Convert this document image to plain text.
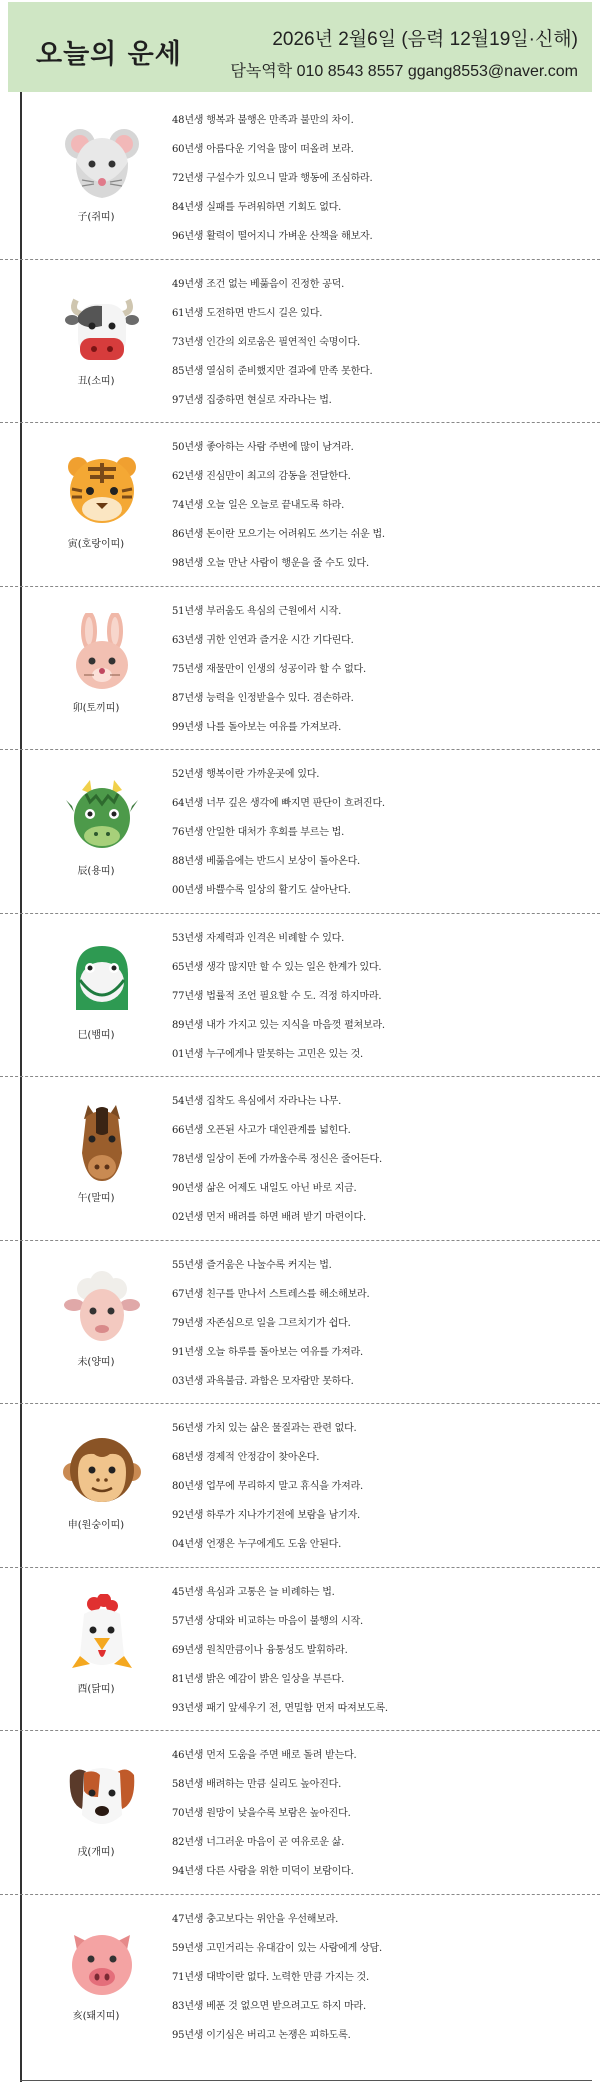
오늘의 운세	2026년 2월6일 (음력 12월19일·신해)
담녹역학 010 8543 8557 ggang8553@naver.com
子(쥐띠)
48년생 행복과 불행은 만족과 불만의 차이.
60년생 아름다운 기억을 많이 떠올려 보라.
72년생 구설수가 있으니 말과 행동에 조심하라.
84년생 실패를 두려워하면 기회도 없다.
96년생 활력이 떨어지니 가벼운 산책을 해보자.
丑(소띠)
49년생 조건 없는 베풂음이 진정한 공덕.
61년생 도전하면 반드시 길은 있다.
73년생 인간의 외로움은 필연적인 숙명이다.
85년생 열심히 준비했지만 결과에 만족 못한다.
97년생 집중하면 현실로 자라나는 법.
寅(호랑이띠)
50년생 좋아하는 사람 주변에 많이 남겨라.
62년생 진심만이 최고의 감동을 전달한다.
74년생 오늘 일은 오늘로 끝내도록 하라.
86년생 돈이란 모으기는 어려워도 쓰기는 쉬운 법.
98년생 오늘 만난 사람이 행운을 줄 수도 있다.
卯(토끼띠)
51년생 부러움도 욕심의 근원에서 시작.
63년생 귀한 인연과 즐거운 시간 기다린다.
75년생 재물만이 인생의 성공이라 할 수 없다.
87년생 능력을 인정받을수 있다. 겸손하라.
99년생 나를 돌아보는 여유를 가져보라.
辰(용띠)
52년생 행복이란 가까운곳에 있다.
64년생 너무 깊은 생각에 빠지면 판단이 흐려진다.
76년생 안일한 대처가 후회를 부르는 법.
88년생 베풂음에는 반드시 보상이 돌아온다.
00년생 바쁠수록 일상의 활기도 살아난다.
巳(뱀띠)
53년생 자제력과 인격은 비례할 수 있다.
65년생 생각 많지만 할 수 있는 일은 한계가 있다.
77년생 법률적 조언 필요할 수 도. 걱정 하지마라.
89년생 내가 가지고 있는 지식을 마음껏 펼쳐보라.
01년생 누구에게나 말못하는 고민은 있는 것.
午(말띠)
54년생 집착도 욕심에서 자라나는 나무.
66년생 오픈된 사고가 대인관계를 넓힌다.
78년생 일상이 돈에 가까울수록 정신은 줄어든다.
90년생 삶은 어제도 내일도 아닌 바로 지금.
02년생 먼저 배려를 하면 배려 받기 마련이다.
未(양띠)
55년생 즐거움은 나눌수록 커지는 법.
67년생 친구를 만나서 스트레스를 해소해보라.
79년생 자존심으로 일을 그르치기가 쉽다.
91년생 오늘 하루를 돌아보는 여유를 가져라.
03년생 과욕불급. 과함은 모자람만 못하다.
申(원숭이띠)
56년생 가치 있는 삶은 물질과는 관련 없다.
68년생 경제적 안정감이 찾아온다.
80년생 업무에 무리하지 말고 휴식을 가져라.
92년생 하루가 지나가기전에 보람을 남기자.
04년생 언쟁은 누구에게도 도움 안된다.
酉(닭띠)
45년생 욕심과 고통은 늘 비례하는 법.
57년생 상대와 비교하는 마음이 불행의 시작.
69년생 원칙만큼이나 융통성도 발휘하라.
81년생 밝은 예감이 밝은 일상을 부른다.
93년생 패기 앞세우기 전, 면밀함 먼저 따져보도록.
戌(개띠)
46년생 먼저 도움을 주면 배로 돌려 받는다.
58년생 배려하는 만큼 실리도 높아진다.
70년생 원망이 낮을수록 보람은 높아진다.
82년생 너그러운 마음이 곧 여유로운 삶.
94년생 다른 사람을 위한 미덕이 보람이다.
亥(돼지띠)
47년생 충고보다는 위안을 우선해보라.
59년생 고민거리는 유대감이 있는 사람에게 상담.
71년생 대박이란 없다. 노력한 만큼 가지는 것.
83년생 베푼 것 없으면 받으려고도 하지 마라.
95년생 이기심은 버리고 논쟁은 피하도록.
